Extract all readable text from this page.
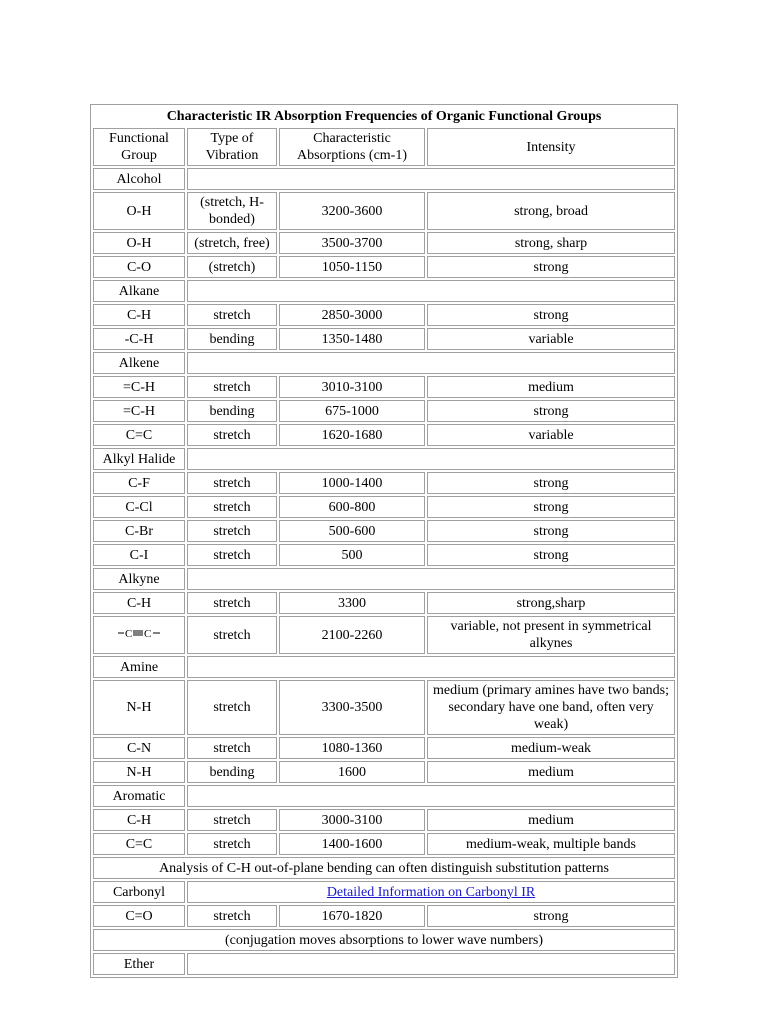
Characteristic IR Absorption Frequencies of Organic Functional Groups			
Functional Group	Type of Vibration	Characteristic Absorptions (cm-1)	Intensity
Alcohol			
O-H	(stretch, H-bonded)	3200-3600	strong, broad
O-H	(stretch, free)	3500-3700	strong, sharp
C-O	(stretch)	1050-1150	strong
Alkane			
C-H	stretch	2850-3000	strong
-C-H	bending	1350-1480	variable
Alkene			
=C-H	stretch	3010-3100	medium
=C-H	bending	675-1000	strong
C=C	stretch	1620-1680	variable
Alkyl Halide			
C-F	stretch	1000-1400	strong
C-Cl	stretch	600-800	strong
C-Br	stretch	500-600	strong
C-I	stretch	500	strong
Alkyne			
C-H	stretch	3300	strong,sharp

C C	stretch	2100-2260	variable, not present in symmetrical alkynes
Amine			
N-H	stretch	3300-3500	medium (primary amines have two bands; secondary have one band, often very weak)
C-N	stretch	1080-1360	medium-weak
N-H	bending	1600	medium
Aromatic			
C-H	stretch	3000-3100	medium
C=C	stretch	1400-1600	medium-weak, multiple bands
Analysis of C-H out-of-plane bending can often distinguish substitution patterns			
Carbonyl	Detailed Information on Carbonyl IR		
C=O	stretch	1670-1820	strong
(conjugation moves absorptions to lower wave numbers)			
Ether			
